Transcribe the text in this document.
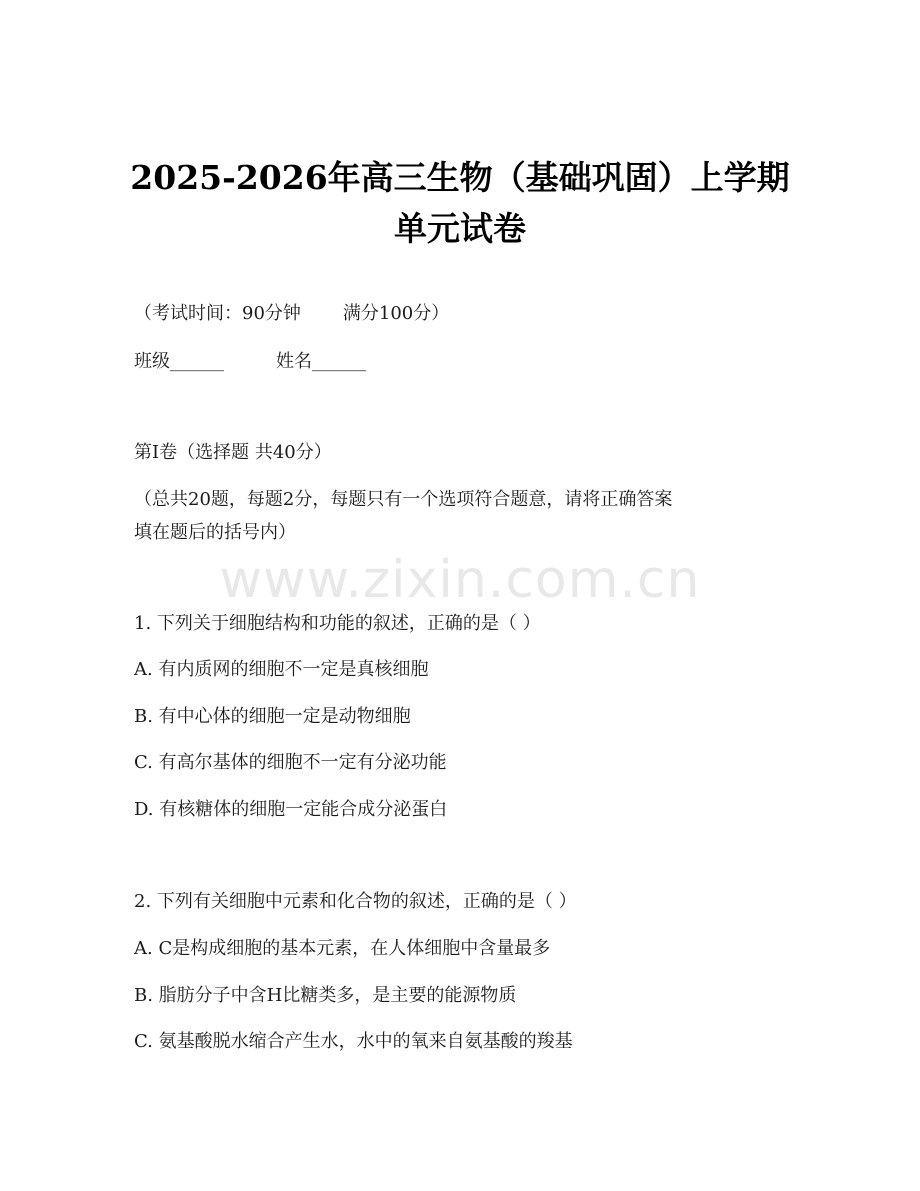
2025-2026年高三生物（基础巩固）上学期
单元试卷
（考试时间：90分钟 满分100分）
班级______	姓名______
第I卷（选择题 共40分）
（总共20题，每题2分，每题只有一个选项符合题意，请将正确答案
填在题后的括号内）
www.zixin.com.cn
1. 下列关于细胞结构和功能的叙述，正确的是（ ）
A. 有内质网的细胞不一定是真核细胞
B. 有中心体的细胞一定是动物细胞
C. 有高尔基体的细胞不一定有分泌功能
D. 有核糖体的细胞一定能合成分泌蛋白
2. 下列有关细胞中元素和化合物的叙述，正确的是（ ）
A. C是构成细胞的基本元素，在人体细胞中含量最多
B. 脂肪分子中含H比糖类多，是主要的能源物质
C. 氨基酸脱水缩合产生水，水中的氧来自氨基酸的羧基
